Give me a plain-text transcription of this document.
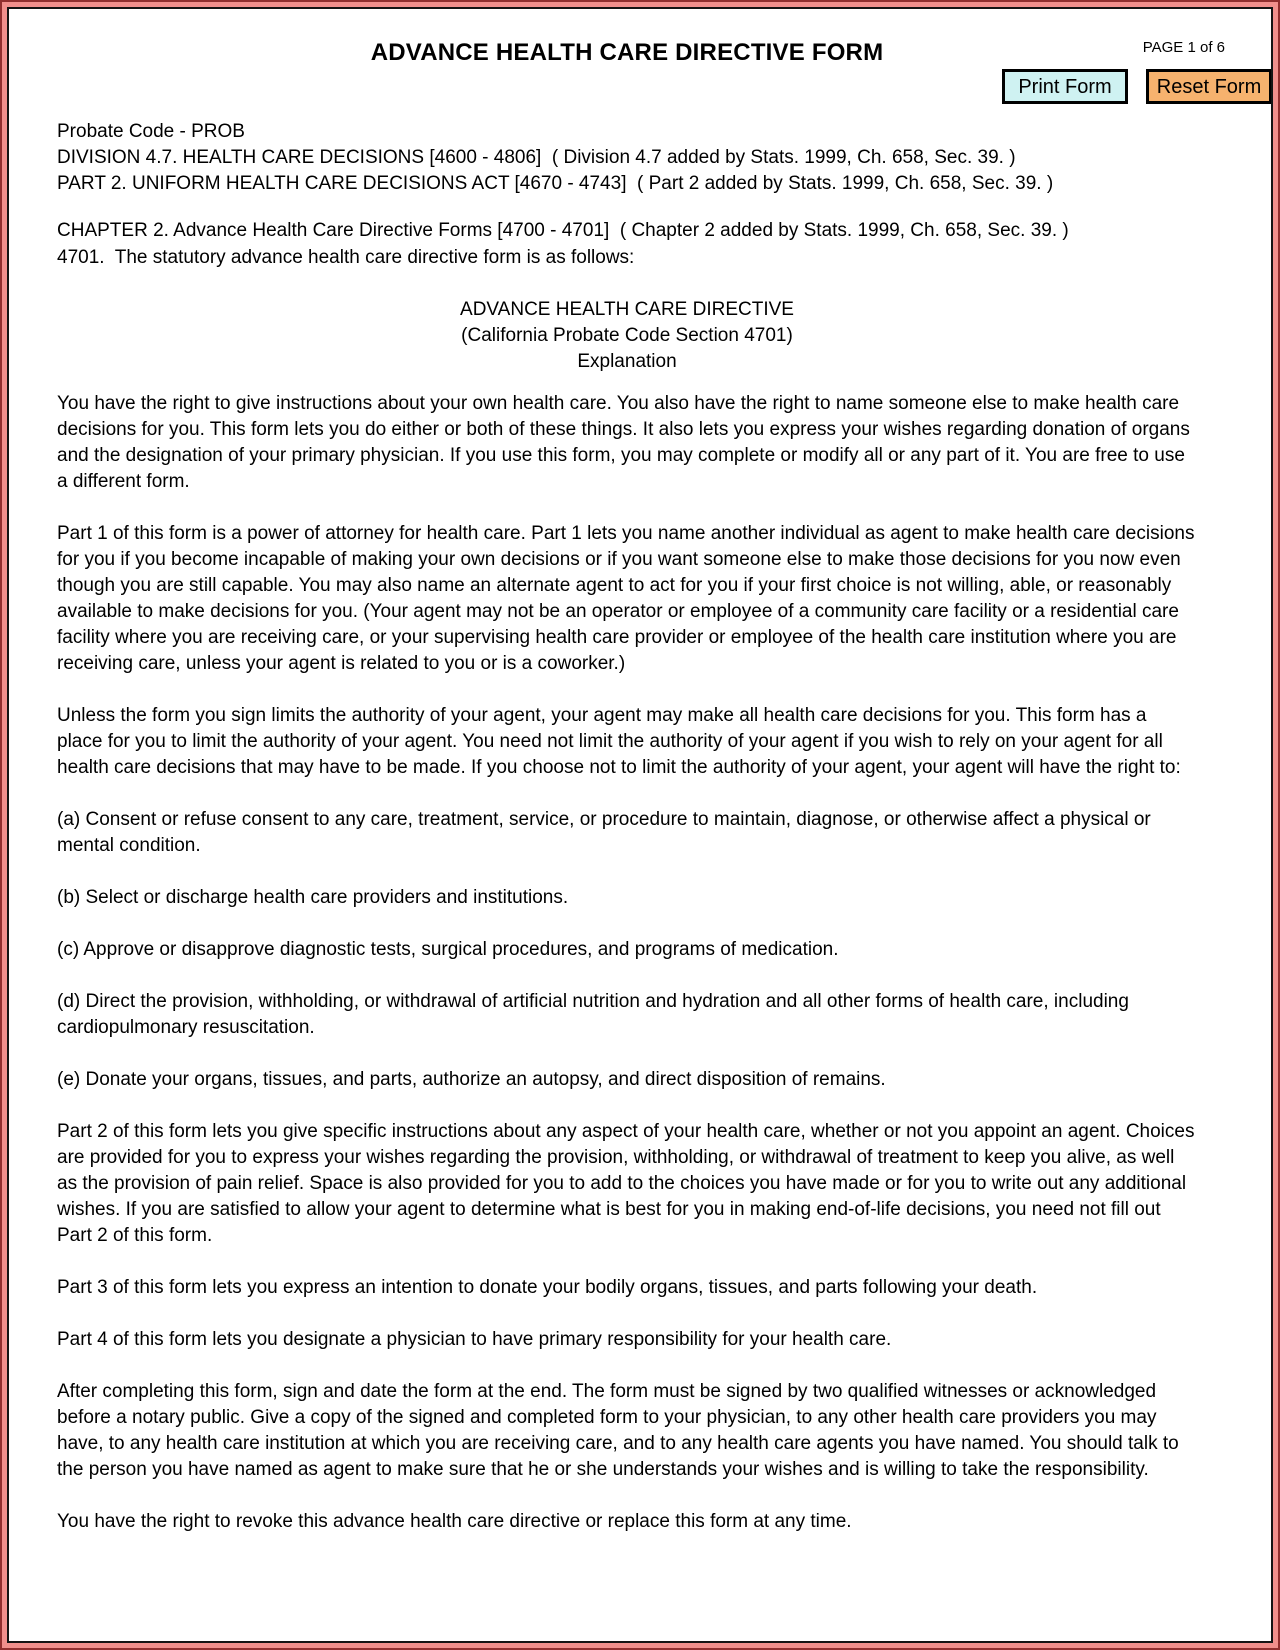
ADVANCE HEALTH CARE DIRECTIVE FORM	PAGE 1 of 6
Print Form	Reset Form
Probate Code - PROB
DIVISION 4.7. HEALTH CARE DECISIONS [4600 - 4806]  ( Division 4.7 added by Stats. 1999, Ch. 658, Sec. 39. )
PART 2. UNIFORM HEALTH CARE DECISIONS ACT [4670 - 4743]  ( Part 2 added by Stats. 1999, Ch. 658, Sec. 39. )
CHAPTER 2. Advance Health Care Directive Forms [4700 - 4701]  ( Chapter 2 added by Stats. 1999, Ch. 658, Sec. 39. )
4701.  The statutory advance health care directive form is as follows:
ADVANCE HEALTH CARE DIRECTIVE
(California Probate Code Section 4701)
Explanation

You have the right to give instructions about your own health care. You also have the right to name someone else to make health care decisions for you. This form lets you do either or both of these things. It also lets you express your wishes regarding donation of organs and the designation of your primary physician. If you use this form, you may complete or modify all or any part of it. You are free to use a different form.

Part 1 of this form is a power of attorney for health care. Part 1 lets you name another individual as agent to make health care decisions for you if you become incapable of making your own decisions or if you want someone else to make those decisions for you now even though you are still capable. You may also name an alternate agent to act for you if your first choice is not willing, able, or reasonably available to make decisions for you. (Your agent may not be an operator or employee of a community care facility or a residential care facility where you are receiving care, or your supervising health care provider or employee of the health care institution where you are receiving care, unless your agent is related to you or is a coworker.)

Unless the form you sign limits the authority of your agent, your agent may make all health care decisions for you. This form has a place for you to limit the authority of your agent. You need not limit the authority of your agent if you wish to rely on your agent for all health care decisions that may have to be made. If you choose not to limit the authority of your agent, your agent will have the right to:

(a) Consent or refuse consent to any care, treatment, service, or procedure to maintain, diagnose, or otherwise affect a physical or mental condition.

(b) Select or discharge health care providers and institutions.

(c) Approve or disapprove diagnostic tests, surgical procedures, and programs of medication.

(d) Direct the provision, withholding, or withdrawal of artificial nutrition and hydration and all other forms of health care, including cardiopulmonary resuscitation.

(e) Donate your organs, tissues, and parts, authorize an autopsy, and direct disposition of remains.

Part 2 of this form lets you give specific instructions about any aspect of your health care, whether or not you appoint an agent. Choices are provided for you to express your wishes regarding the provision, withholding, or withdrawal of treatment to keep you alive, as well as the provision of pain relief. Space is also provided for you to add to the choices you have made or for you to write out any additional wishes. If you are satisfied to allow your agent to determine what is best for you in making end-of-life decisions, you need not fill out Part 2 of this form.

Part 3 of this form lets you express an intention to donate your bodily organs, tissues, and parts following your death.

Part 4 of this form lets you designate a physician to have primary responsibility for your health care.

After completing this form, sign and date the form at the end. The form must be signed by two qualified witnesses or acknowledged before a notary public. Give a copy of the signed and completed form to your physician, to any other health care providers you may have, to any health care institution at which you are receiving care, and to any health care agents you have named. You should talk to the person you have named as agent to make sure that he or she understands your wishes and is willing to take the responsibility.

You have the right to revoke this advance health care directive or replace this form at any time.
